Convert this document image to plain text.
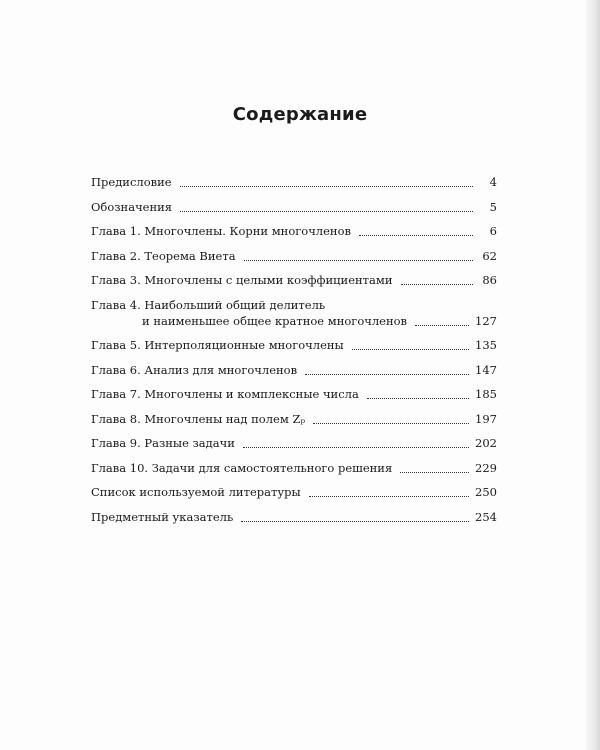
Содержание
Предисловие	4
Обозначения	5
Глава 1. Многочлены. Корни многочленов	6
Глава 2. Теорема Виета	62
Глава 3. Многочлены с целыми коэффициентами	86
Глава 4. Наибольший общий делитель
и наименьшее общее кратное многочленов	127
Глава 5. Интерполяционные многочлены	135
Глава 6. Анализ для многочленов	147
Глава 7. Многочлены и комплексные числа	185
Глава 8. Многочлены над полем Zₚ	197
Глава 9. Разные задачи	202
Глава 10. Задачи для самостоятельного решения	229
Список используемой литературы	250
Предметный указатель	254
